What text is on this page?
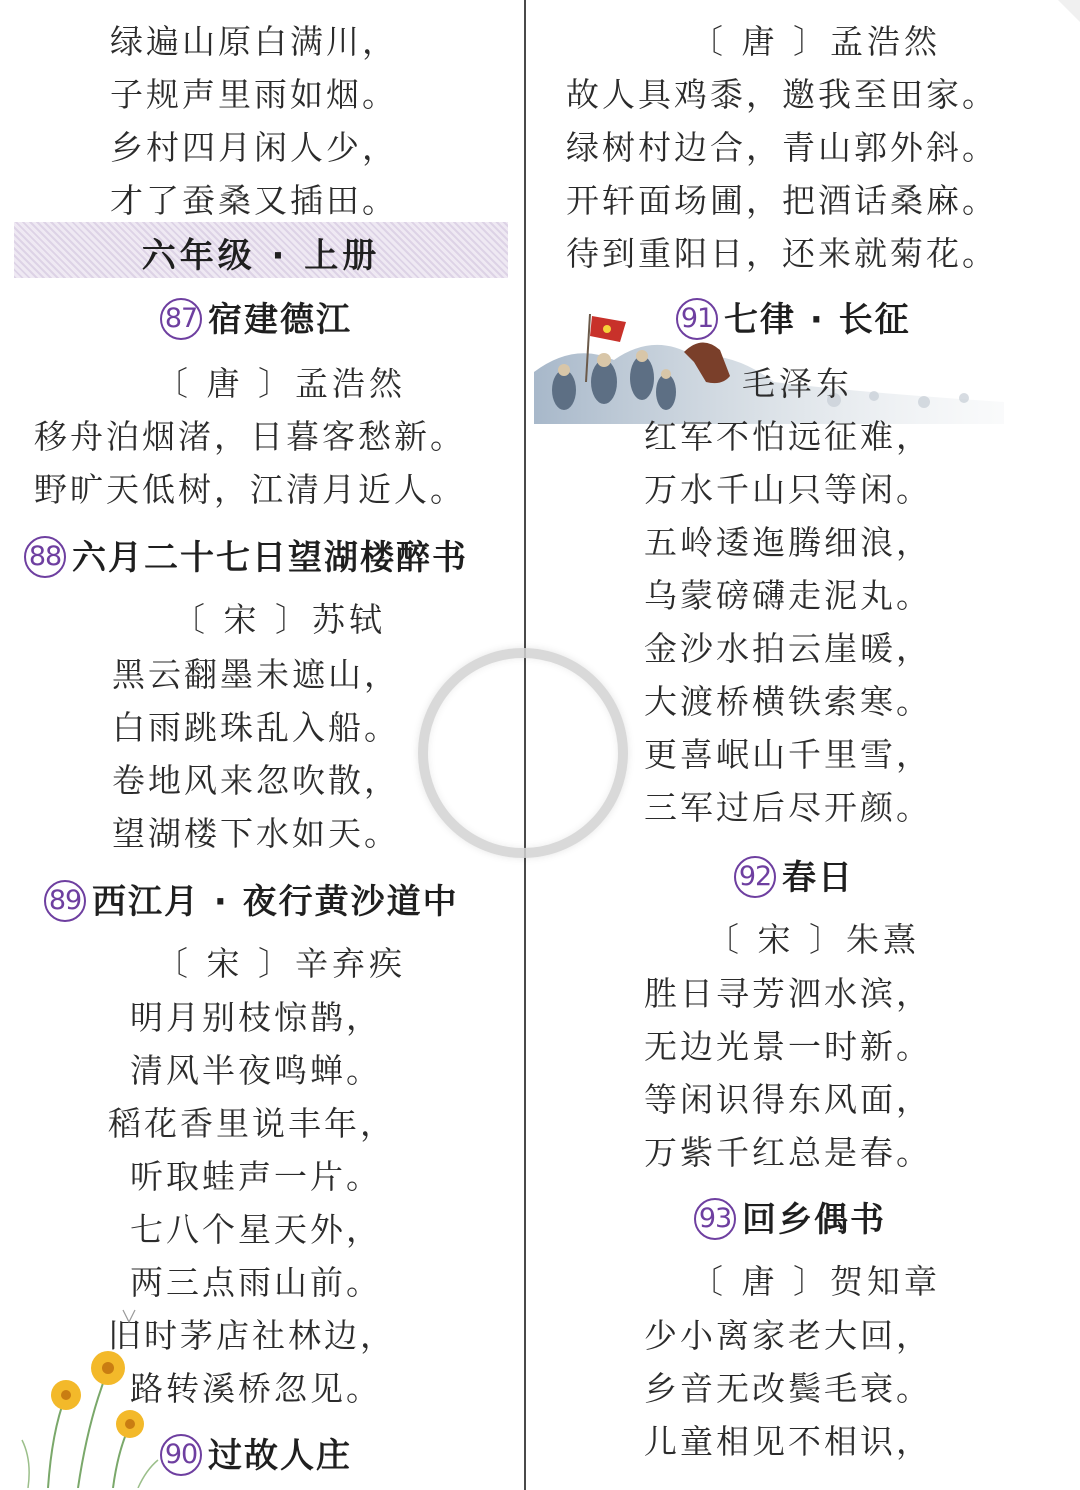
绿遍山原白满川，
子规声里雨如烟。
乡村四月闲人少，
才了蚕桑又插田。
六年级 · 上册
87 宿建德江
〔 唐 〕孟浩然
移舟泊烟渚，日暮客愁新。
野旷天低树，江清月近人。
88 六月二十七日望湖楼醉书
〔 宋 〕苏轼
黑云翻墨未遮山，
白雨跳珠乱入船。
卷地风来忽吹散，
望湖楼下水如天。
89 西江月 · 夜行黄沙道中
〔 宋 〕辛弃疾
明月别枝惊鹊，
清风半夜鸣蝉。
稻花香里说丰年，
听取蛙声一片。
七八个星天外，
两三点雨山前。
旧时茅店社林边，
路转溪桥忽见。
90 过故人庄
〔 唐 〕孟浩然
故人具鸡黍，邀我至田家。
绿树村边合，青山郭外斜。
开轩面场圃，把酒话桑麻。
待到重阳日，还来就菊花。
91 七律 · 长征
毛泽东
红军不怕远征难，
万水千山只等闲。
五岭逶迤腾细浪，
乌蒙磅礴走泥丸。
金沙水拍云崖暖，
大渡桥横铁索寒。
更喜岷山千里雪，
三军过后尽开颜。
92 春日
〔 宋 〕朱熹
胜日寻芳泗水滨，
无边光景一时新。
等闲识得东风面，
万紫千红总是春。
93 回乡偶书
〔 唐 〕贺知章
少小离家老大回，
乡音无改鬓毛衰。
儿童相见不相识，
